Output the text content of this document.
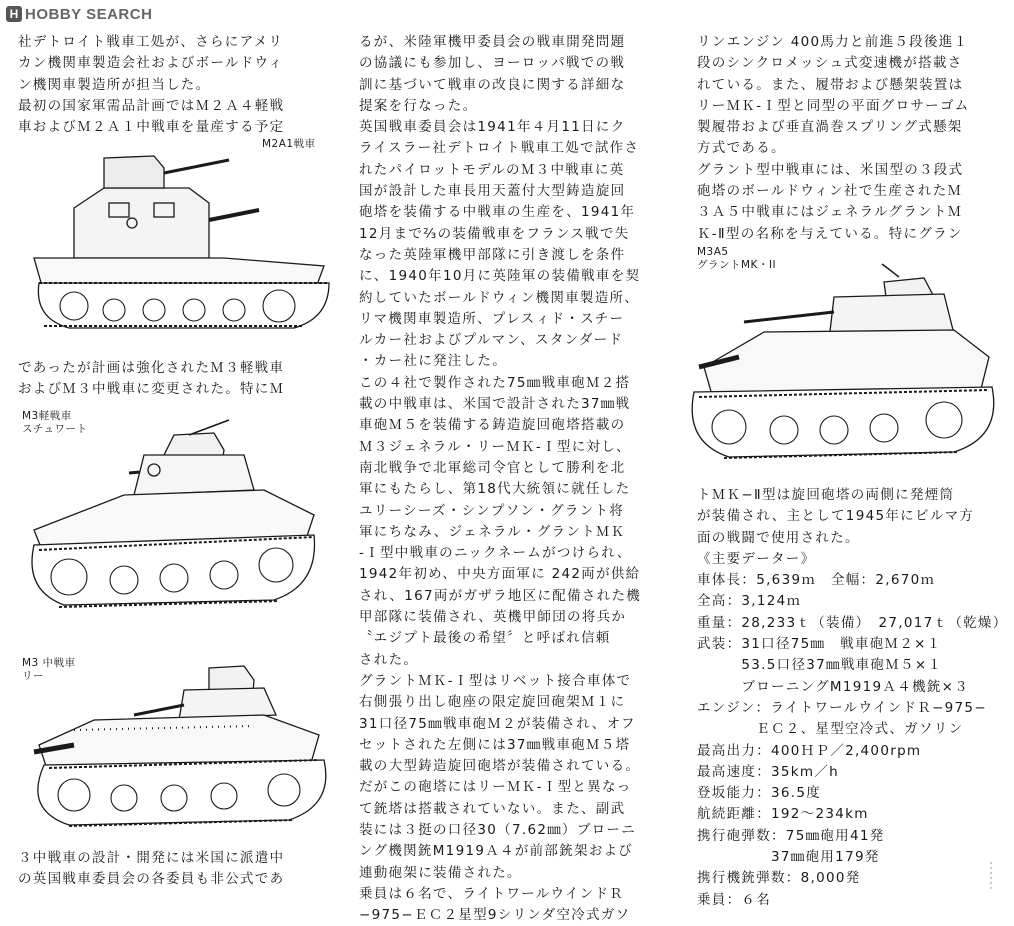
H HOBBY SEARCH

社デトロイト戦車工処が、さらにアメリ

カン機関車製造会社およびボールドウィ

ン機関車製造所が担当した。

最初の国家軍需品計画ではＭ２Ａ４軽戦

車およびＭ２Ａ１中戦車を量産する予定

M2A1戦車

であったが計画は強化されたＭ３軽戦車

およびＭ３中戦車に変更された。特にＭ

M3軽戦車

スチュワート

M3 中戦車

リー

３中戦車の設計・開発には米国に派遣中

の英国戦車委員会の各委員も非公式であ

るが、米陸軍機甲委員会の戦車開発問題

の協議にも参加し、ヨーロッパ戦での戦

訓に基づいて戦車の改良に関する詳細な

提案を行なった。

英国戦車委員会は1941年４月11日にク

ライスラー社デトロイト戦車工処で試作さ

れたパイロットモデルのＭ３中戦車に英

国が設計した車長用天蓋付大型鋳造旋回

砲塔を装備する中戦車の生産を、1941年

12月まで⅔の装備戦車をフランス戦で失

なった英陸軍機甲部隊に引き渡しを条件

に、1940年10月に英陸軍の装備戦車を契

約していたボールドウィン機関車製造所、

リマ機関車製造所、プレスィド・スチー

ルカー社およびプルマン、スタンダード

・カー社に発注した。

この４社で製作された75㎜戦車砲Ｍ２搭

載の中戦車は、米国で設計された37㎜戦

車砲Ｍ５を装備する鋳造旋回砲塔搭載の

Ｍ３ジェネラル・リーＭＫ-Ｉ型に対し、

南北戦争で北軍総司令官として勝利を北

軍にもたらし、第18代大統領に就任した

ユリーシーズ・シンプソン・グラント将

軍にちなみ、ジェネラル・グラントＭＫ

-Ｉ型中戦車のニックネームがつけられ、

1942年初め、中央方面軍に 242両が供給

され、167両がガザラ地区に配備された機

甲部隊に装備され、英機甲師団の将兵か

〝エジプト最後の希望〞と呼ばれ信頼

された。

グラントＭＫ-Ｉ型はリベット接合車体で

右側張り出し砲座の限定旋回砲架Ｍ１に

31口径75㎜戦車砲Ｍ２が装備され、オフ

セットされた左側には37㎜戦車砲Ｍ５塔

載の大型鋳造旋回砲塔が装備されている。

だがこの砲塔にはリーＭＫ-Ｉ型と異なっ

て銃塔は搭載されていない。また、副武

装には３挺の口径30（7.62㎜）ブローニ

ング機関銃M1919Ａ４が前部銃架および

連動砲架に装備された。

乗員は６名で、ライトワールウインドＲ

−975−ＥＣ２星型9シリンダ空冷式ガソ

リンエンジン 400馬力と前進５段後進１

段のシンクロメッシュ式変速機が搭載さ

れている。また、履帯および懸架装置は

リーＭＫ-Ｉ型と同型の平面グロサーゴム

製履帯および垂直渦巻スプリング式懸架

方式である。

グラント型中戦車には、米国型の３段式

砲塔のボールドウィン社で生産されたＭ

３Ａ５中戦車にはジェネラルグラントＭ

Ｋ-Ⅱ型の名称を与えている。特にグラン

M3A5

グラントMK・II

トＭＫ−Ⅱ型は旋回砲塔の両側に発煙筒

が装備され、主として1945年にビルマ方

面の戦闘で使用された。

《主要データー》

車体長：5,639ｍ　全幅：2,670ｍ

全高：3,124ｍ

重量：28,233ｔ（装備）　27,017ｔ（乾燥）

武装：31口径75㎜　戦車砲Ｍ２×１

　　　53.5口径37㎜戦車砲Ｍ５×１

　　　ブローニングM1919Ａ４機銃×３

エンジン：ライトワールウインドＲ−975−

　　　　ＥＣ２、星型空冷式、ガソリン

最高出力：400ＨＰ／2,400rpm

最高速度：35km／h

登坂能力：36.5度

航続距離：192〜234km

携行砲弾数：75㎜砲用41発

　　　　　37㎜砲用179発

携行機銃弾数：8,000発

乗員：６名
